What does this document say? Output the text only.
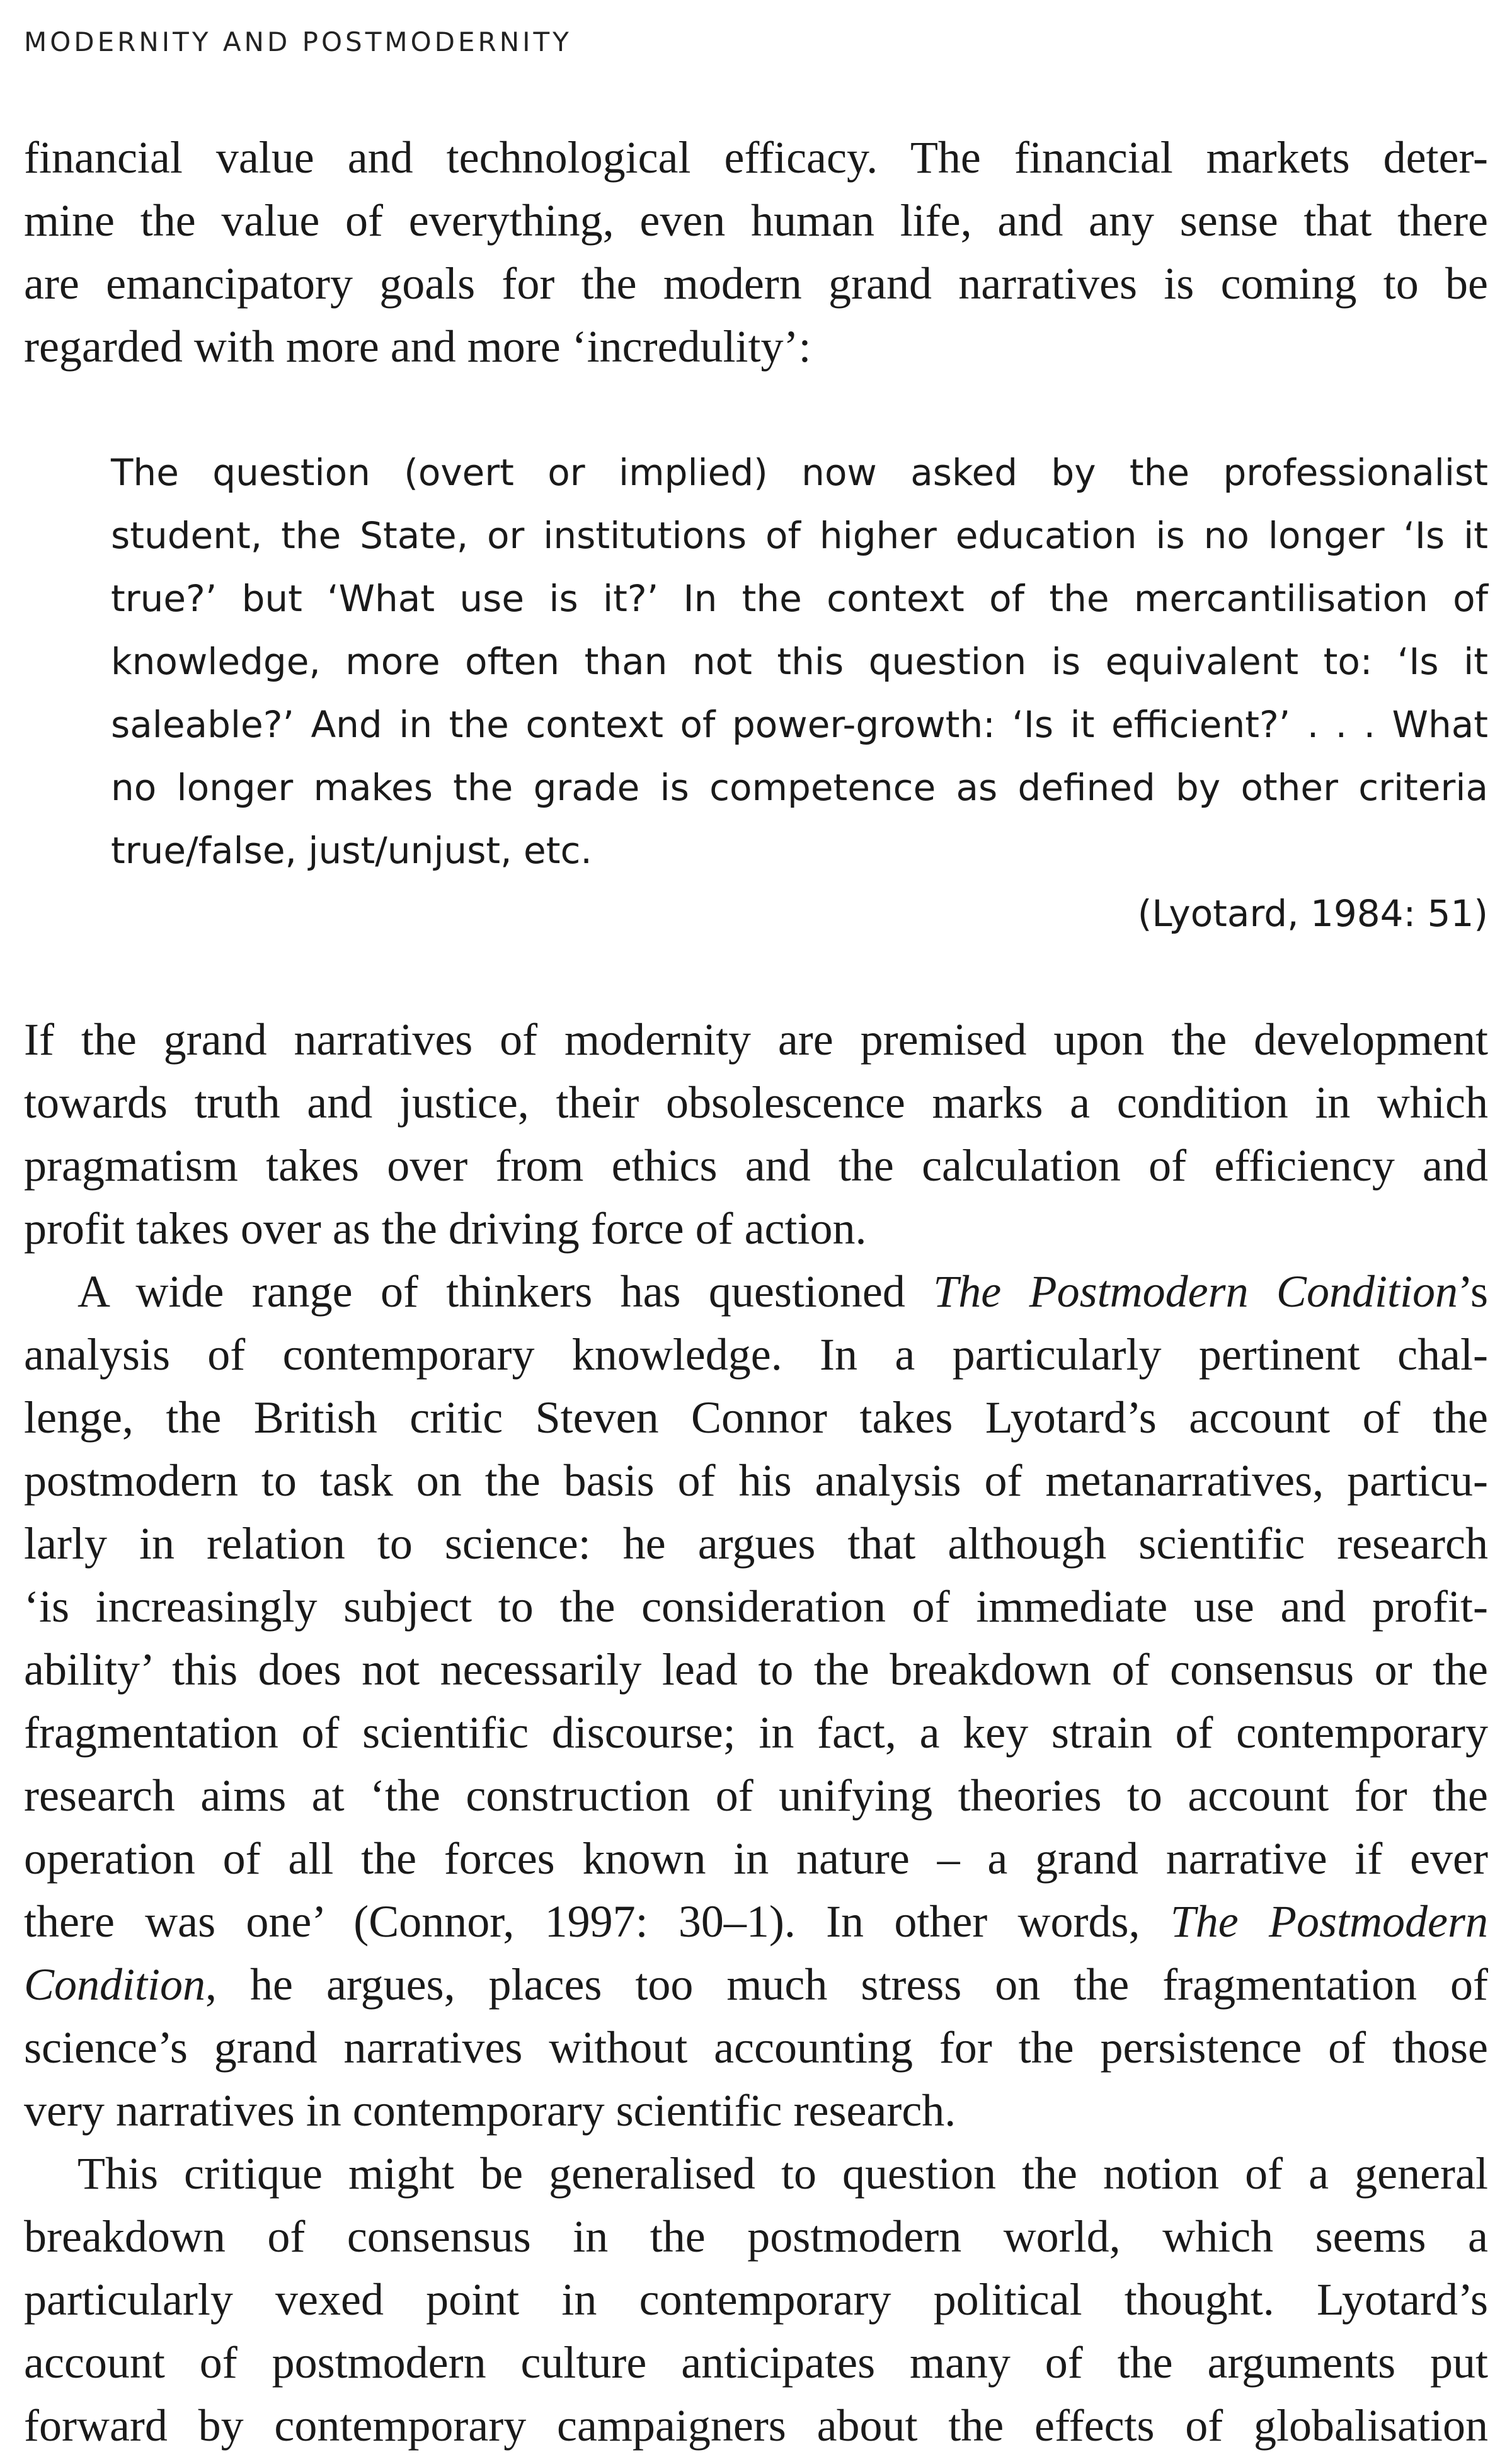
MODERNITY AND POSTMODERNITY
financial value and technological efficacy. The financial markets deter-
mine the value of everything, even human life, and any sense that there
are emancipatory goals for the modern grand narratives is coming to be
regarded with more and more ‘incredulity’:
The question (overt or implied) now asked by the professionalist
student, the State, or institutions of higher education is no longer ‘Is it
true?’ but ‘What use is it?’ In the context of the mercantilisation of
knowledge, more often than not this question is equivalent to: ‘Is it
saleable?’ And in the context of power-growth: ‘Is it efficient?’ . . . What
no longer makes the grade is competence as defined by other criteria
true/false, just/unjust, etc.
(Lyotard, 1984: 51)
If the grand narratives of modernity are premised upon the development
towards truth and justice, their obsolescence marks a condition in which
pragmatism takes over from ethics and the calculation of efficiency and
profit takes over as the driving force of action.
A wide range of thinkers has questioned The Postmodern Condition’s
analysis of contemporary knowledge. In a particularly pertinent chal-
lenge, the British critic Steven Connor takes Lyotard’s account of the
postmodern to task on the basis of his analysis of metanarratives, particu-
larly in relation to science: he argues that although scientific research
‘is increasingly subject to the consideration of immediate use and profit-
ability’ this does not necessarily lead to the breakdown of consensus or the
fragmentation of scientific discourse; in fact, a key strain of contemporary
research aims at ‘the construction of unifying theories to account for the
operation of all the forces known in nature – a grand narrative if ever
there was one’ (Connor, 1997: 30–1). In other words, The Postmodern
Condition, he argues, places too much stress on the fragmentation of
science’s grand narratives without accounting for the persistence of those
very narratives in contemporary scientific research.
This critique might be generalised to question the notion of a general
breakdown of consensus in the postmodern world, which seems a
particularly vexed point in contemporary political thought. Lyotard’s
account of postmodern culture anticipates many of the arguments put
forward by contemporary campaigners about the effects of globalisation
